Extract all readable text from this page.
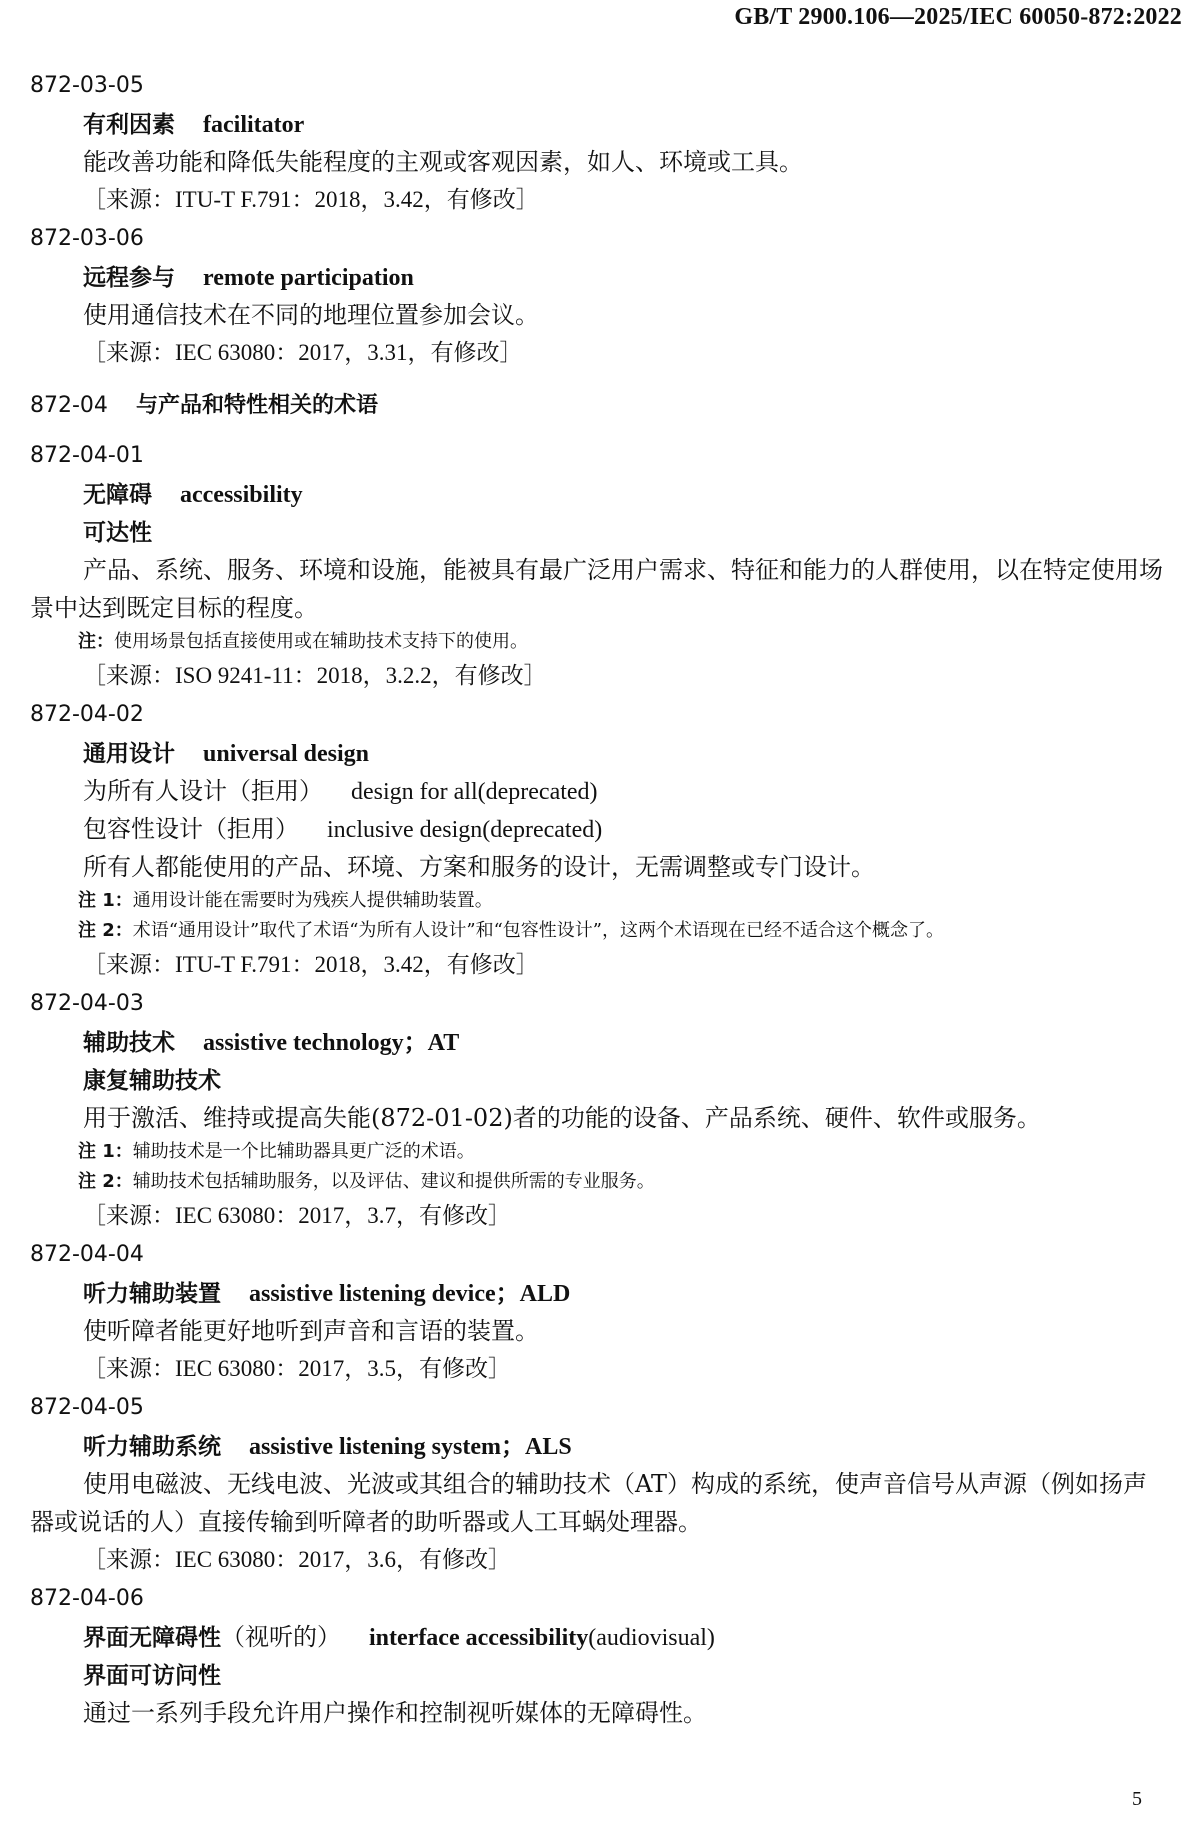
GB/T 2900.106—2025/IEC 60050-872:2022
872-03-05
有利因素 facilitator
能改善功能和降低失能程度的主观或客观因素，如人、环境或工具。
［来源：ITU-T F.791：2018，3.42，有修改］
872-03-06
远程参与 remote participation
使用通信技术在不同的地理位置参加会议。
［来源：IEC 63080：2017，3.31，有修改］
872-04 与产品和特性相关的术语
872-04-01
无障碍 accessibility
可达性
产品、系统、服务、环境和设施，能被具有最广泛用户需求、特征和能力的人群使用，以在特定使用场
景中达到既定目标的程度。
注：使用场景包括直接使用或在辅助技术支持下的使用。
［来源：ISO 9241-11：2018，3.2.2，有修改］
872-04-02
通用设计 universal design
为所有人设计（拒用） design for all(deprecated)
包容性设计（拒用） inclusive design(deprecated)
所有人都能使用的产品、环境、方案和服务的设计，无需调整或专门设计。
注 1：通用设计能在需要时为残疾人提供辅助装置。
注 2：术语“通用设计”取代了术语“为所有人设计”和“包容性设计”，这两个术语现在已经不适合这个概念了。
［来源：ITU-T F.791：2018，3.42，有修改］
872-04-03
辅助技术 assistive technology；AT
康复辅助技术
用于激活、维持或提高失能(872-01-02)者的功能的设备、产品系统、硬件、软件或服务。
注 1：辅助技术是一个比辅助器具更广泛的术语。
注 2：辅助技术包括辅助服务，以及评估、建议和提供所需的专业服务。
［来源：IEC 63080：2017，3.7，有修改］
872-04-04
听力辅助装置 assistive listening device；ALD
使听障者能更好地听到声音和言语的装置。
［来源：IEC 63080：2017，3.5，有修改］
872-04-05
听力辅助系统 assistive listening system；ALS
使用电磁波、无线电波、光波或其组合的辅助技术（AT）构成的系统，使声音信号从声源（例如扬声
器或说话的人）直接传输到听障者的助听器或人工耳蜗处理器。
［来源：IEC 63080：2017，3.6，有修改］
872-04-06
界面无障碍性（视听的） interface accessibility(audiovisual)
界面可访问性
通过一系列手段允许用户操作和控制视听媒体的无障碍性。
5
